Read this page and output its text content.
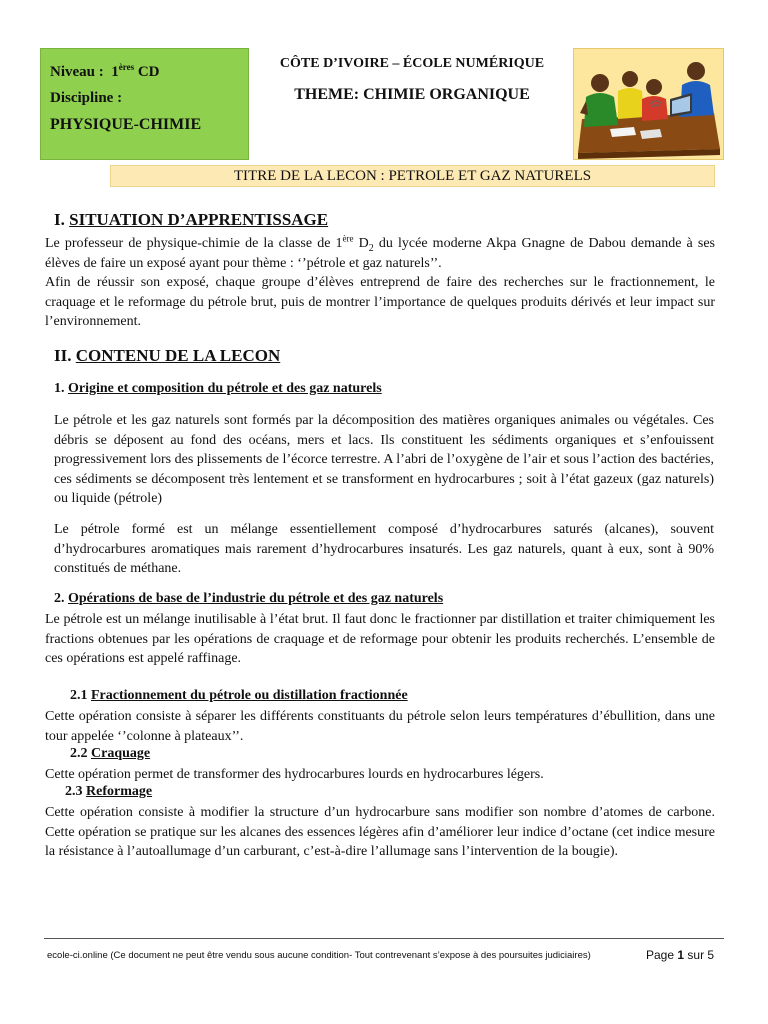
Niveau : 1ères CD
Discipline :
PHYSIQUE-CHIMIE
CÔTE D’IVOIRE – ÉCOLE NUMÉRIQUE
THEME: CHIMIE ORGANIQUE
TITRE DE LA LECON : PETROLE ET GAZ NATURELS
I. SITUATION D’APPRENTISSAGE

Le professeur de physique-chimie de la classe de 1ère $D_2$ du lycée moderne Akpa Gnagne de Dabou demande à ses élèves de faire un exposé ayant pour thème : ‘’pétrole et gaz naturels’’.

Afin de réussir son exposé, chaque groupe d’élèves entreprend de faire des recherches sur le fractionnement, le craquage et le reformage du pétrole brut, puis de montrer l’importance de quelques produits dérivés et leur impact sur l’environnement.

II. CONTENU DE LA LECON
1. Origine et composition du pétrole et des gaz naturels

Le pétrole et les gaz naturels sont formés par la décomposition des matières organiques animales ou végétales. Ces débris se déposent au fond des océans, mers et lacs. Ils constituent les sédiments organiques et s’enfouissent progressivement lors des plissements de l’écorce terrestre. A l’abri de l’oxygène de l’air et sous l’action des bactéries, ces sédiments se décomposent très lentement et se transforment en hydrocarbures ; soit à l’état gazeux (gaz naturels) ou liquide (pétrole)

Le pétrole formé est un mélange essentiellement composé d’hydrocarbures saturés (alcanes), souvent d’hydrocarbures aromatiques mais rarement d’hydrocarbures insaturés. Les gaz naturels, quant à eux, sont à 90% constitués de méthane.

2. Opérations de base de l’industrie du pétrole et des gaz naturels

Le pétrole est un mélange inutilisable à l’état brut. Il faut donc le fractionner par distillation et traiter chimiquement les fractions obtenues par les opérations de craquage et de reformage pour obtenir les produits recherchés. L’ensemble de ces opérations est appelé raffinage.

2.1 Fractionnement du pétrole ou distillation fractionnée

Cette opération consiste à séparer les différents constituants du pétrole selon leurs températures d’ébullition, dans une tour appelée ‘’colonne à plateaux’’.

2.2 Craquage

Cette opération permet de transformer des hydrocarbures lourds en hydrocarbures légers.

2.3 Reformage

Cette opération consiste à modifier la structure d’un hydrocarbure sans modifier son nombre d’atomes de carbone. Cette opération se pratique sur les alcanes des essences légères afin d’améliorer leur indice d’octane (cet indice mesure la résistance à l’autoallumage d’un carburant, c’est-à-dire l’allumage sans l’intervention de la bougie).

ecole-ci.online (Ce document ne peut être vendu sous aucune condition- Tout contrevenant s’expose à des poursuites judiciaires)	Page 1 sur 5
